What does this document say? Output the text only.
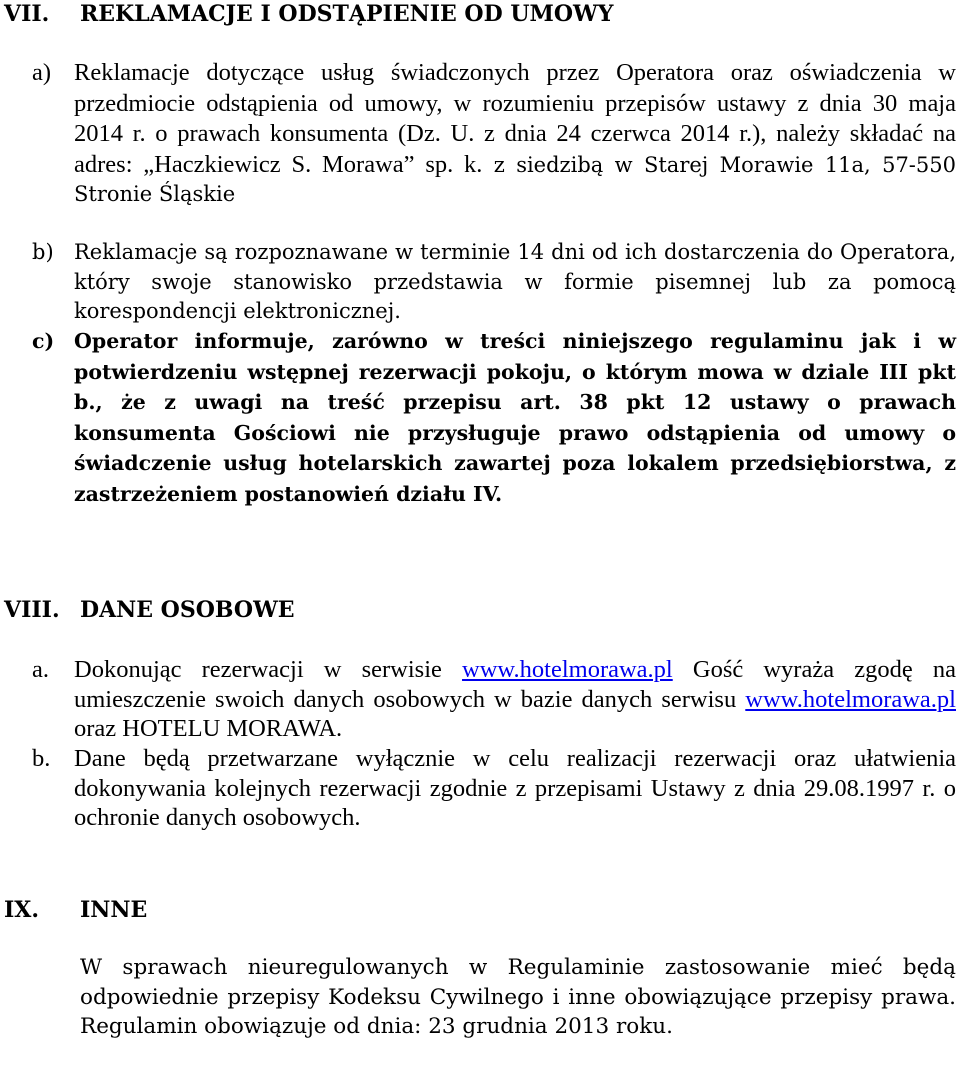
VII. REKLAMACJE I ODSTĄPIENIE OD UMOWY
a) Reklamacje dotyczące usług świadczonych przez Operatora oraz oświadczenia w przedmiocie odstąpienia od umowy, w rozumieniu przepisów ustawy z dnia 30 maja 2014 r. o prawach konsumenta (Dz. U. z dnia 24 czerwca 2014 r.), należy składać na adres: „Haczkiewicz S. Morawa” sp. k. z siedzibą w Starej Morawie 11a, 57-550 Stronie Śląskie
b) Reklamacje są rozpoznawane w terminie 14 dni od ich dostarczenia do Operatora, który swoje stanowisko przedstawia w formie pisemnej lub za pomocą korespondencji elektronicznej.
c) Operator informuje, zarówno w treści niniejszego regulaminu jak i w potwierdzeniu wstępnej rezerwacji pokoju, o którym mowa w dziale III pkt b., że z uwagi na treść przepisu art. 38 pkt 12 ustawy o prawach konsumenta Gościowi nie przysługuje prawo odstąpienia od umowy o świadczenie usług hotelarskich zawartej poza lokalem przedsiębiorstwa, z zastrzeżeniem postanowień działu IV.
VIII. DANE OSOBOWE
a. Dokonując rezerwacji w serwisie www.hotelmorawa.pl Gość wyraża zgodę na umieszczenie swoich danych osobowych w bazie danych serwisu www.hotelmorawa.pl oraz HOTELU MORAWA.
b. Dane będą przetwarzane wyłącznie w celu realizacji rezerwacji oraz ułatwienia dokonywania kolejnych rezerwacji zgodnie z przepisami Ustawy z dnia 29.08.1997 r. o ochronie danych osobowych.
IX. INNE
W sprawach nieuregulowanych w Regulaminie zastosowanie mieć będą odpowiednie przepisy Kodeksu Cywilnego i inne obowiązujące przepisy prawa. Regulamin obowiązuje od dnia: 23 grudnia 2013 roku.
